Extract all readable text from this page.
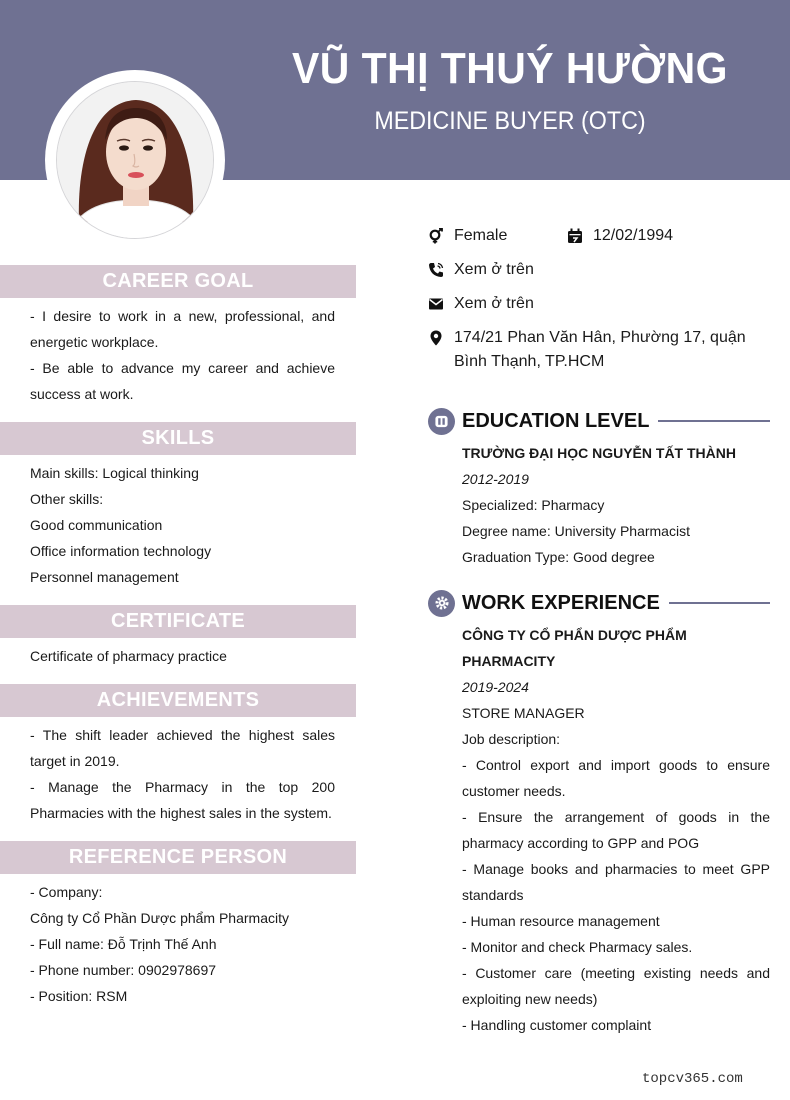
VŨ THỊ THUÝ HƯỜNG
MEDICINE BUYER (OTC)
Female	12/02/1994
Xem ở trên
Xem ở trên
174/21 Phan Văn Hân, Phường 17, quận Bình Thạnh, TP.HCM
CAREER GOAL
- I desire to work in a new, professional, and energetic workplace.
- Be able to advance my career and achieve success at work.
SKILLS
Main skills: Logical thinking
Other skills:
Good communication
Office information technology
Personnel management
CERTIFICATE
Certificate of pharmacy practice
ACHIEVEMENTS
- The shift leader achieved the highest sales target in 2019.
- Manage the Pharmacy in the top 200 Pharmacies with the highest sales in the system.
REFERENCE PERSON
- Company:
Công ty Cổ Phần Dược phẩm Pharmacity
- Full name: Đỗ Trịnh Thế Anh
- Phone number: 0902978697
- Position: RSM
EDUCATION LEVEL
TRƯỜNG ĐẠI HỌC NGUYỄN TẤT THÀNH
2012-2019
Specialized: Pharmacy
Degree name: University Pharmacist
Graduation Type: Good degree
WORK EXPERIENCE
CÔNG TY CỔ PHẨN DƯỢC PHẨM PHARMACITY
2019-2024
STORE MANAGER
Job description:
- Control export and import goods to ensure customer needs.
- Ensure the arrangement of goods in the pharmacy according to GPP and POG
- Manage books and pharmacies to meet GPP standards
- Human resource management
- Monitor and check Pharmacy sales.
- Customer care (meeting existing needs and exploiting new needs)
- Handling customer complaint
topcv365.com
